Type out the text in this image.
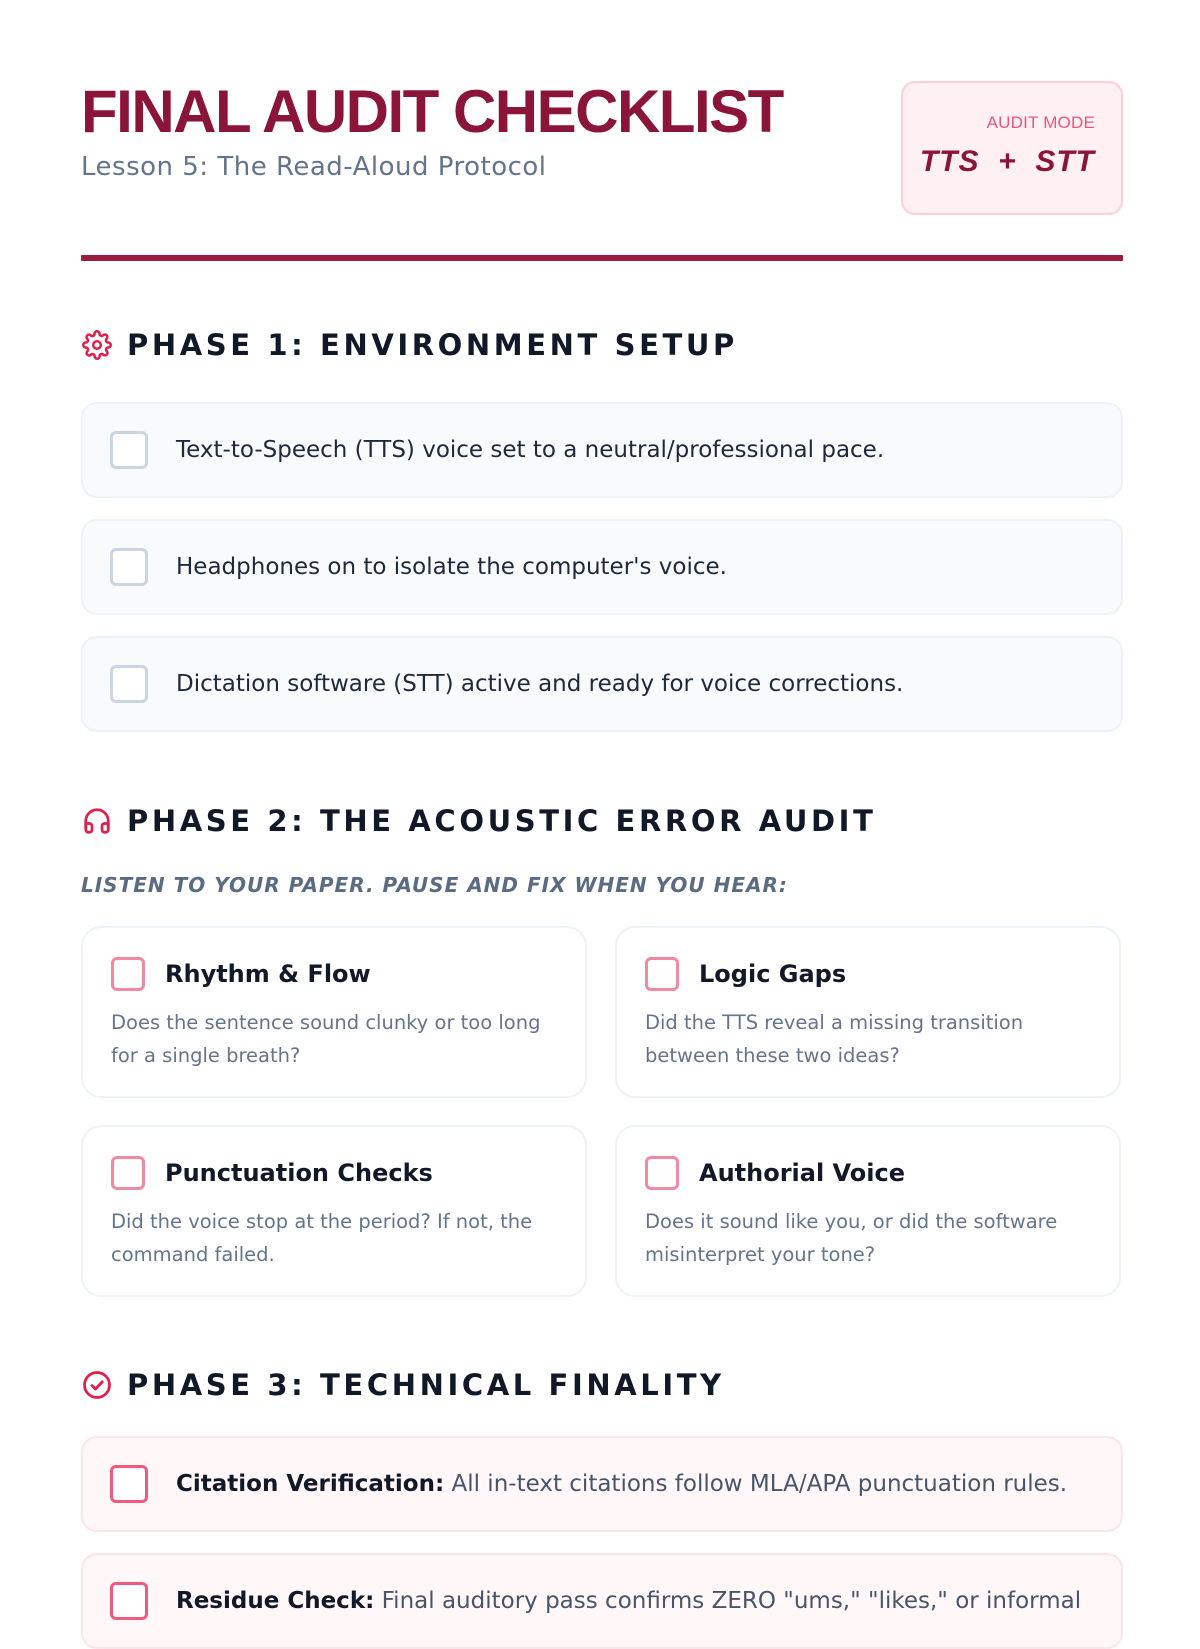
FINAL AUDIT CHECKLIST
Lesson 5: The Read-Aloud Protocol
AUDIT MODE
TTS  +  STT
PHASE 1: ENVIRONMENT SETUP
Text-to-Speech (TTS) voice set to a neutral/professional pace.
Headphones on to isolate the computer's voice.
Dictation software (STT) active and ready for voice corrections.
PHASE 2: THE ACOUSTIC ERROR AUDIT
LISTEN TO YOUR PAPER. PAUSE AND FIX WHEN YOU HEAR:
Rhythm & Flow
Does the sentence sound clunky or too long for a single breath?
Logic Gaps
Did the TTS reveal a missing transition between these two ideas?
Punctuation Checks
Did the voice stop at the period? If not, the command failed.
Authorial Voice
Does it sound like you, or did the software misinterpret your tone?
PHASE 3: TECHNICAL FINALITY
Citation Verification: All in-text citations follow MLA/APA punctuation rules.
Residue Check: Final auditory pass confirms ZERO "ums," "likes," or informal
